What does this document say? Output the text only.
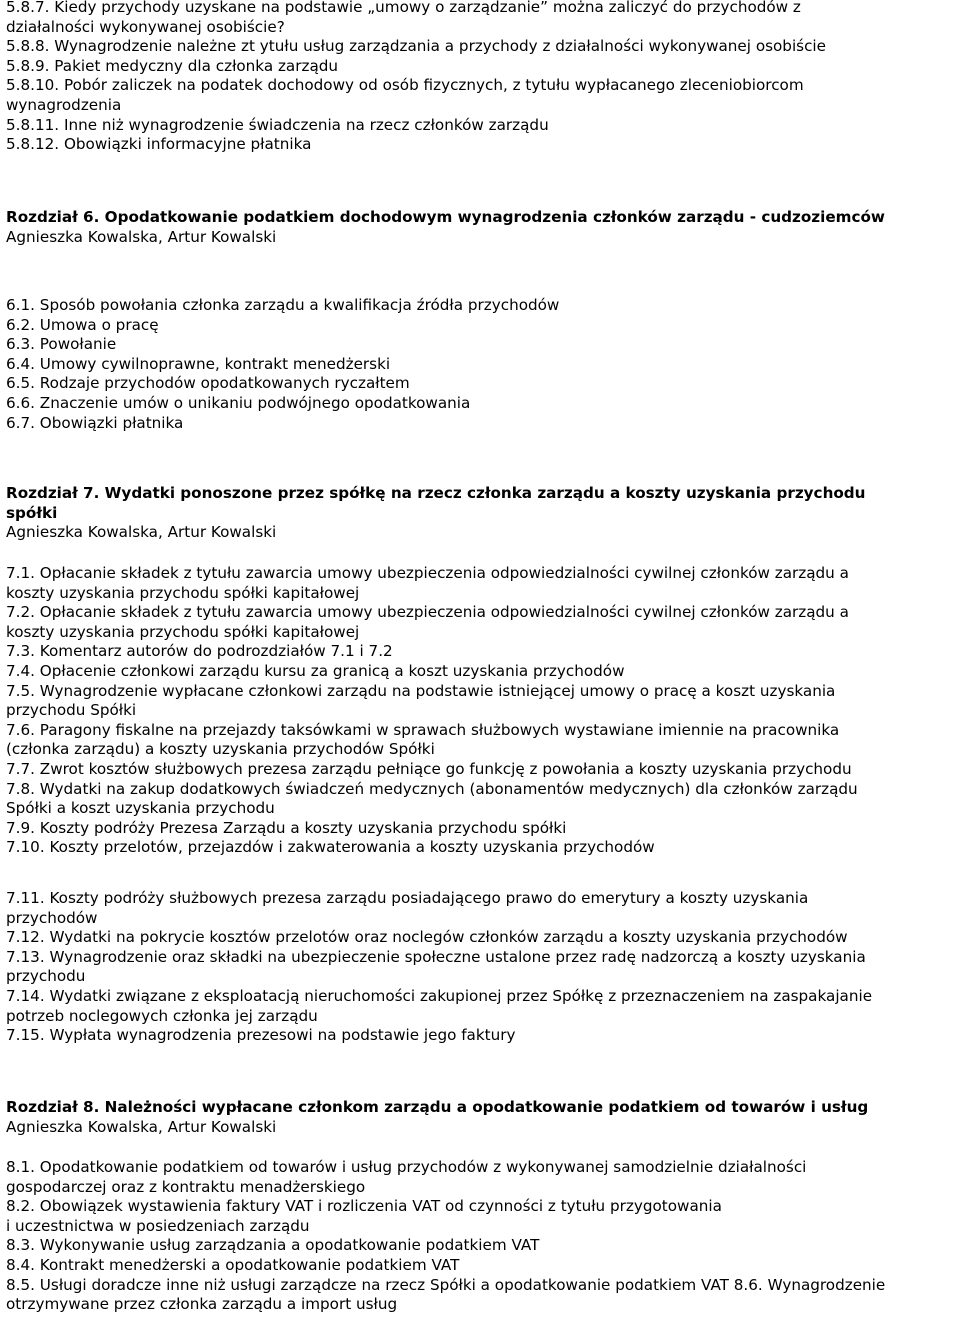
5.8.7. Kiedy przychody uzyskane na podstawie „umowy o zarządzanie” można zaliczyć do przychodów z
działalności wykonywanej osobiście?
5.8.8. Wynagrodzenie należne zt ytułu usług zarządzania a przychody z działalności wykonywanej osobiście
5.8.9. Pakiet medyczny dla członka zarządu
5.8.10. Pobór zaliczek na podatek dochodowy od osób fizycznych, z tytułu wypłacanego zleceniobiorcom
wynagrodzenia
5.8.11. Inne niż wynagrodzenie świadczenia na rzecz członków zarządu
5.8.12. Obowiązki informacyjne płatnika
Rozdział 6. Opodatkowanie podatkiem dochodowym wynagrodzenia członków zarządu - cudzoziemców
Agnieszka Kowalska, Artur Kowalski
6.1. Sposób powołania członka zarządu a kwalifikacja źródła przychodów
6.2. Umowa o pracę
6.3. Powołanie
6.4. Umowy cywilnoprawne, kontrakt menedżerski
6.5. Rodzaje przychodów opodatkowanych ryczałtem
6.6. Znaczenie umów o unikaniu podwójnego opodatkowania
6.7. Obowiązki płatnika
Rozdział 7. Wydatki ponoszone przez spółkę na rzecz członka zarządu a koszty uzyskania przychodu
spółki
Agnieszka Kowalska, Artur Kowalski
7.1. Opłacanie składek z tytułu zawarcia umowy ubezpieczenia odpowiedzialności cywilnej członków zarządu a
koszty uzyskania przychodu spółki kapitałowej
7.2. Opłacanie składek z tytułu zawarcia umowy ubezpieczenia odpowiedzialności cywilnej członków zarządu a
koszty uzyskania przychodu spółki kapitałowej
7.3. Komentarz autorów do podrozdziałów 7.1 i 7.2
7.4. Opłacenie członkowi zarządu kursu za granicą a koszt uzyskania przychodów
7.5. Wynagrodzenie wypłacane członkowi zarządu na podstawie istniejącej umowy o pracę a koszt uzyskania
przychodu Spółki
7.6. Paragony fiskalne na przejazdy taksówkami w sprawach służbowych wystawiane imiennie na pracownika
(członka zarządu) a koszty uzyskania przychodów Spółki
7.7. Zwrot kosztów służbowych prezesa zarządu pełniące go funkcję z powołania a koszty uzyskania przychodu
7.8. Wydatki na zakup dodatkowych świadczeń medycznych (abonamentów medycznych) dla członków zarządu
Spółki a koszt uzyskania przychodu
7.9. Koszty podróży Prezesa Zarządu a koszty uzyskania przychodu spółki
7.10. Koszty przelotów, przejazdów i zakwaterowania a koszty uzyskania przychodów
7.11. Koszty podróży służbowych prezesa zarządu posiadającego prawo do emerytury a koszty uzyskania
przychodów
7.12. Wydatki na pokrycie kosztów przelotów oraz noclegów członków zarządu a koszty uzyskania przychodów
7.13. Wynagrodzenie oraz składki na ubezpieczenie społeczne ustalone przez radę nadzorczą a koszty uzyskania
przychodu
7.14. Wydatki związane z eksploatacją nieruchomości zakupionej przez Spółkę z przeznaczeniem na zaspakajanie
potrzeb noclegowych członka jej zarządu
7.15. Wypłata wynagrodzenia prezesowi na podstawie jego faktury
Rozdział 8. Należności wypłacane członkom zarządu a opodatkowanie podatkiem od towarów i usług
Agnieszka Kowalska, Artur Kowalski
8.1. Opodatkowanie podatkiem od towarów i usług przychodów z wykonywanej samodzielnie działalności
gospodarczej oraz z kontraktu menadżerskiego
8.2. Obowiązek wystawienia faktury VAT i rozliczenia VAT od czynności z tytułu przygotowania
i uczestnictwa w posiedzeniach zarządu
8.3. Wykonywanie usług zarządzania a opodatkowanie podatkiem VAT
8.4. Kontrakt menedżerski a opodatkowanie podatkiem VAT
8.5. Usługi doradcze inne niż usługi zarządcze na rzecz Spółki a opodatkowanie podatkiem VAT 8.6. Wynagrodzenie
otrzymywane przez członka zarządu a import usług
